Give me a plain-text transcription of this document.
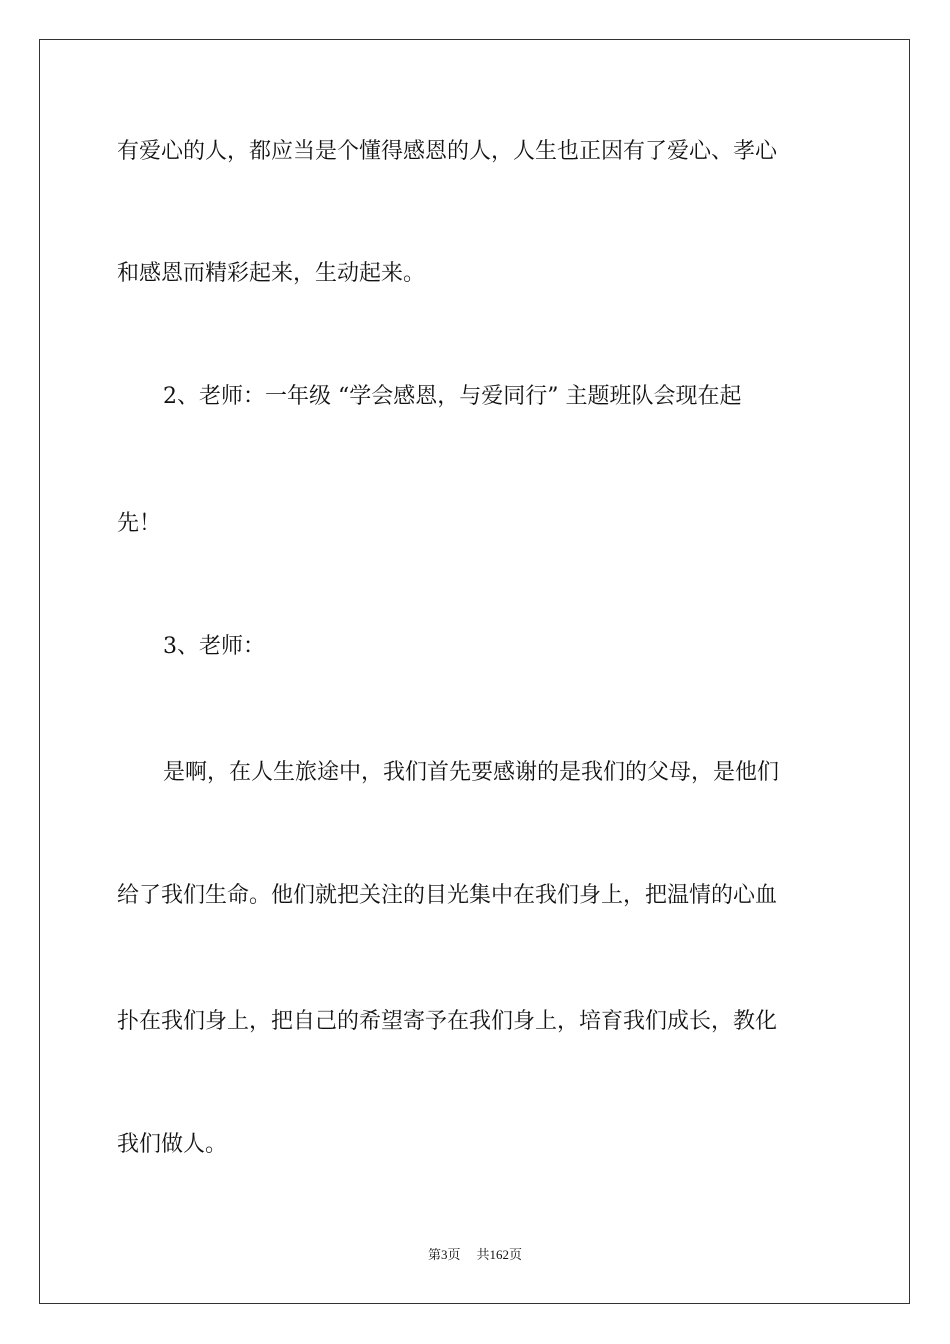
有爱心的人，都应当是个懂得感恩的人，人生也正因有了爱心、孝心
和感恩而精彩起来，生动起来。
2、老师：一年级 “学会感恩，与爱同行” 主题班队会现在起
先！
3、老师：
是啊，在人生旅途中，我们首先要感谢的是我们的父母，是他们
给了我们生命。他们就把关注的目光集中在我们身上，把温情的心血
扑在我们身上，把自己的希望寄予在我们身上，培育我们成长，教化
我们做人。
第3页 共162页
